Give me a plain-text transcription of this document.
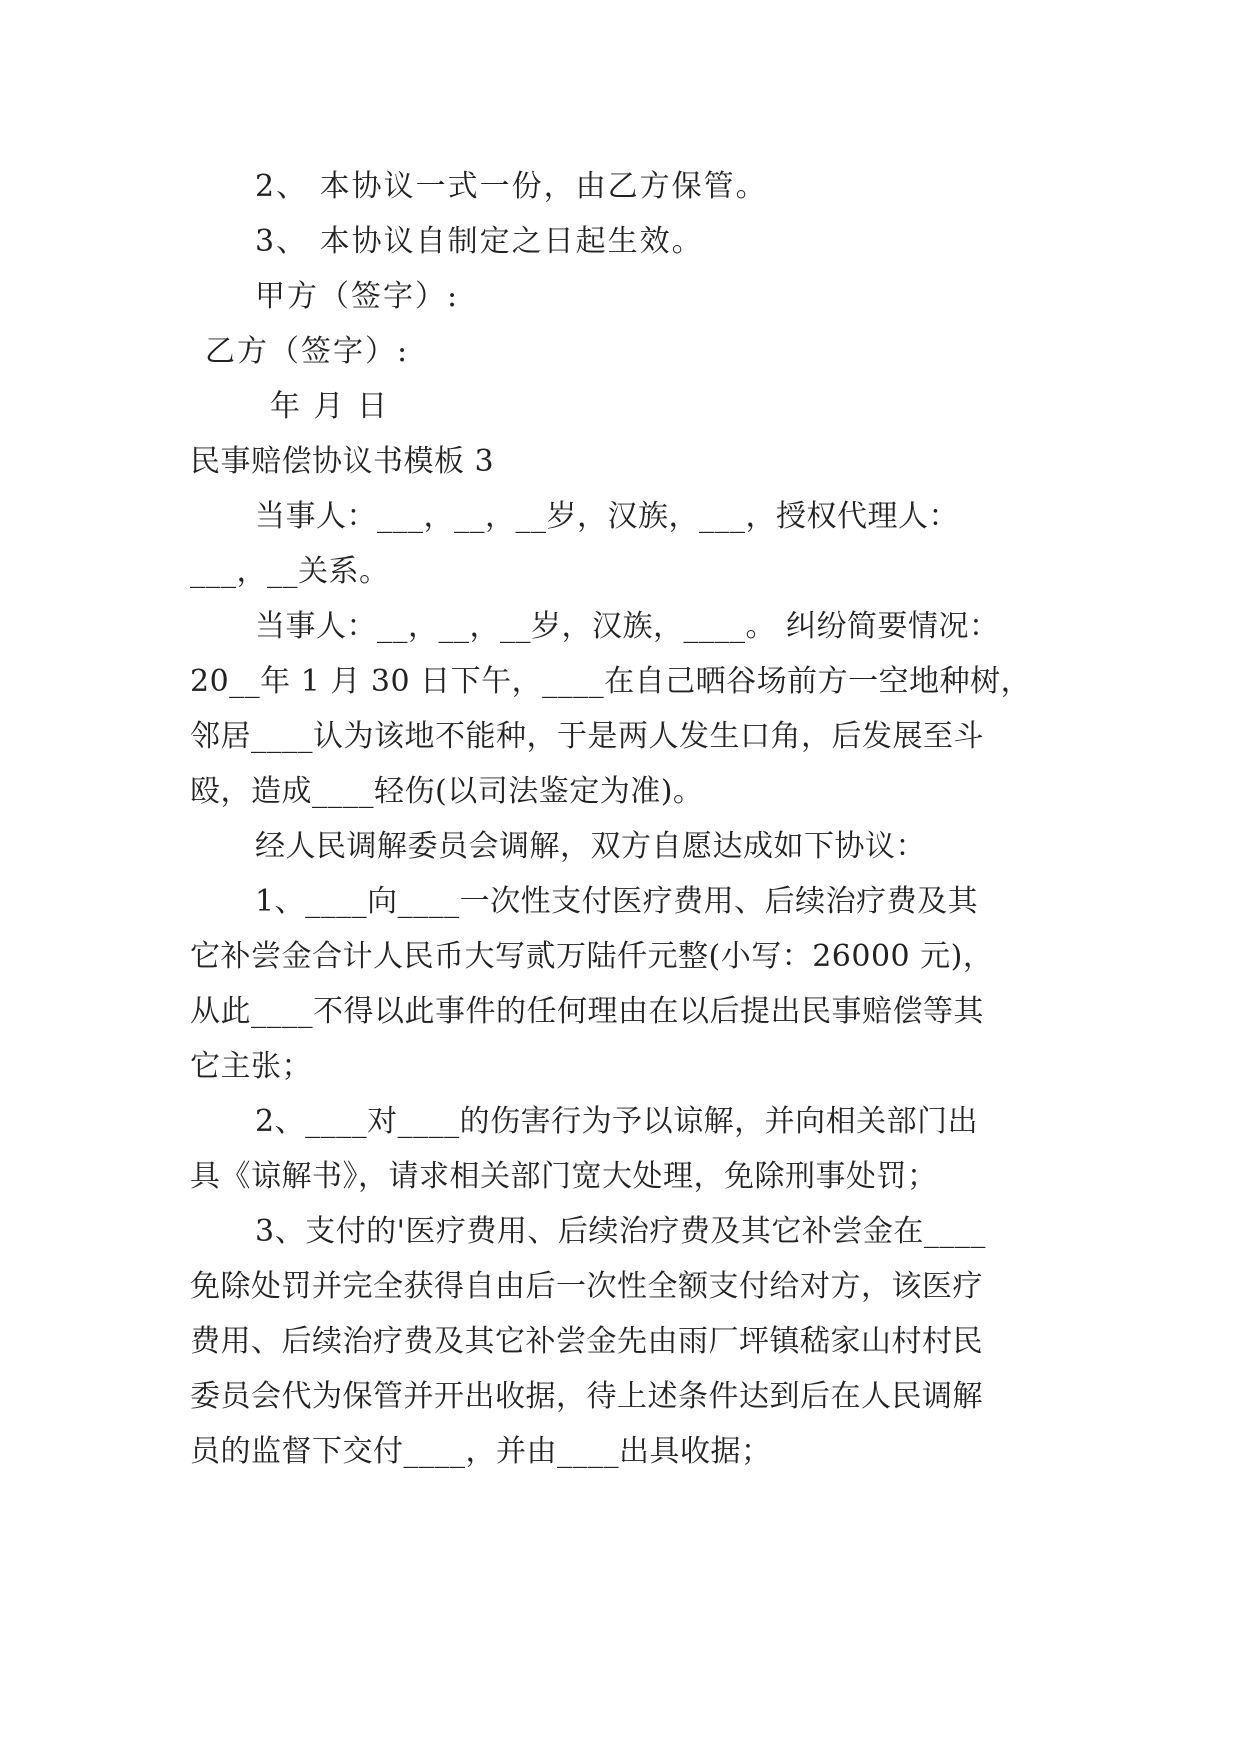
2、 本协议一式一份，由乙方保管。
3、 本协议自制定之日起生效。
甲方（签字）:
乙方（签字）:
年 月 日
民事赔偿协议书模板 3
当事人：___，__，__岁，汉族，___，授权代理人：
___，__关系。
当事人：__，__，__岁，汉族，____。 纠纷简要情况：
20__年 1 月 30 日下午，____在自己晒谷场前方一空地种树，
邻居____认为该地不能种，于是两人发生口角，后发展至斗
殴，造成____轻伤(以司法鉴定为准)。
经人民调解委员会调解，双方自愿达成如下协议：
1、____向____一次性支付医疗费用、后续治疗费及其
它补尝金合计人民币大写贰万陆仟元整(小写：26000 元)，
从此____不得以此事件的任何理由在以后提出民事赔偿等其
它主张；
2、____对____的伤害行为予以谅解，并向相关部门出
具《谅解书》，请求相关部门宽大处理，免除刑事处罚；
3、支付的'医疗费用、后续治疗费及其它补尝金在____
免除处罚并完全获得自由后一次性全额支付给对方，该医疗
费用、后续治疗费及其它补尝金先由雨厂坪镇嵇家山村村民
委员会代为保管并开出收据，待上述条件达到后在人民调解
员的监督下交付____，并由____出具收据；
